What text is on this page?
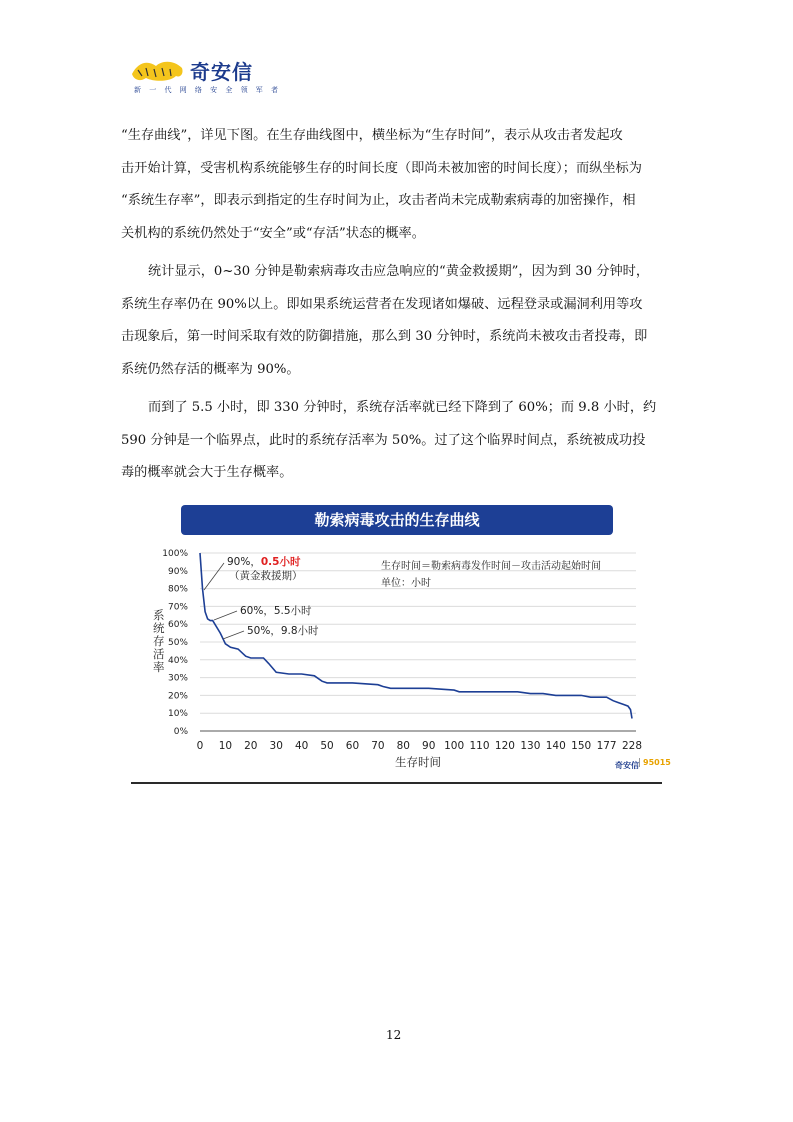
奇安信
新 一 代 网 络 安 全 领 军 者

“生存曲线”，详见下图。在生存曲线图中，横坐标为“生存时间”，表示从攻击者发起攻
击开始计算，受害机构系统能够生存的时间长度（即尚未被加密的时间长度）；而纵坐标为
“系统生存率”，即表示到指定的生存时间为止，攻击者尚未完成勒索病毒的加密操作，相
关机构的系统仍然处于“安全”或“存活”状态的概率。

统计显示，0~30 分钟是勒索病毒攻击应急响应的“黄金救援期”，因为到 30 分钟时，
系统生存率仍在 90%以上。即如果系统运营者在发现诸如爆破、远程登录或漏洞利用等攻
击现象后，第一时间采取有效的防御措施，那么到 30 分钟时，系统尚未被攻击者投毒，即
系统仍然存活的概率为 90%。

而到了 5.5 小时，即 330 分钟时，系统存活率就已经下降到了 60%；而 9.8 小时，约
590 分钟是一个临界点，此时的系统存活率为 50%。过了这个临界时间点，系统被成功投
毒的概率就会大于生存概率。

勒索病毒攻击的生存曲线
0%
10%
20%
30%
40%
50%
60%
70%
80%
90%
100%
0 10 20 30 40 50 60 70 80 90 100 110 120 130 140 150 177 228
生存时间
系统存活率
90%，0.5小时
（黄金救援期）
60%，5.5小时
50%，9.8小时
生存时间＝勒索病毒发作时间－攻击活动起始时间
单位：小时
奇安信 95015
12
